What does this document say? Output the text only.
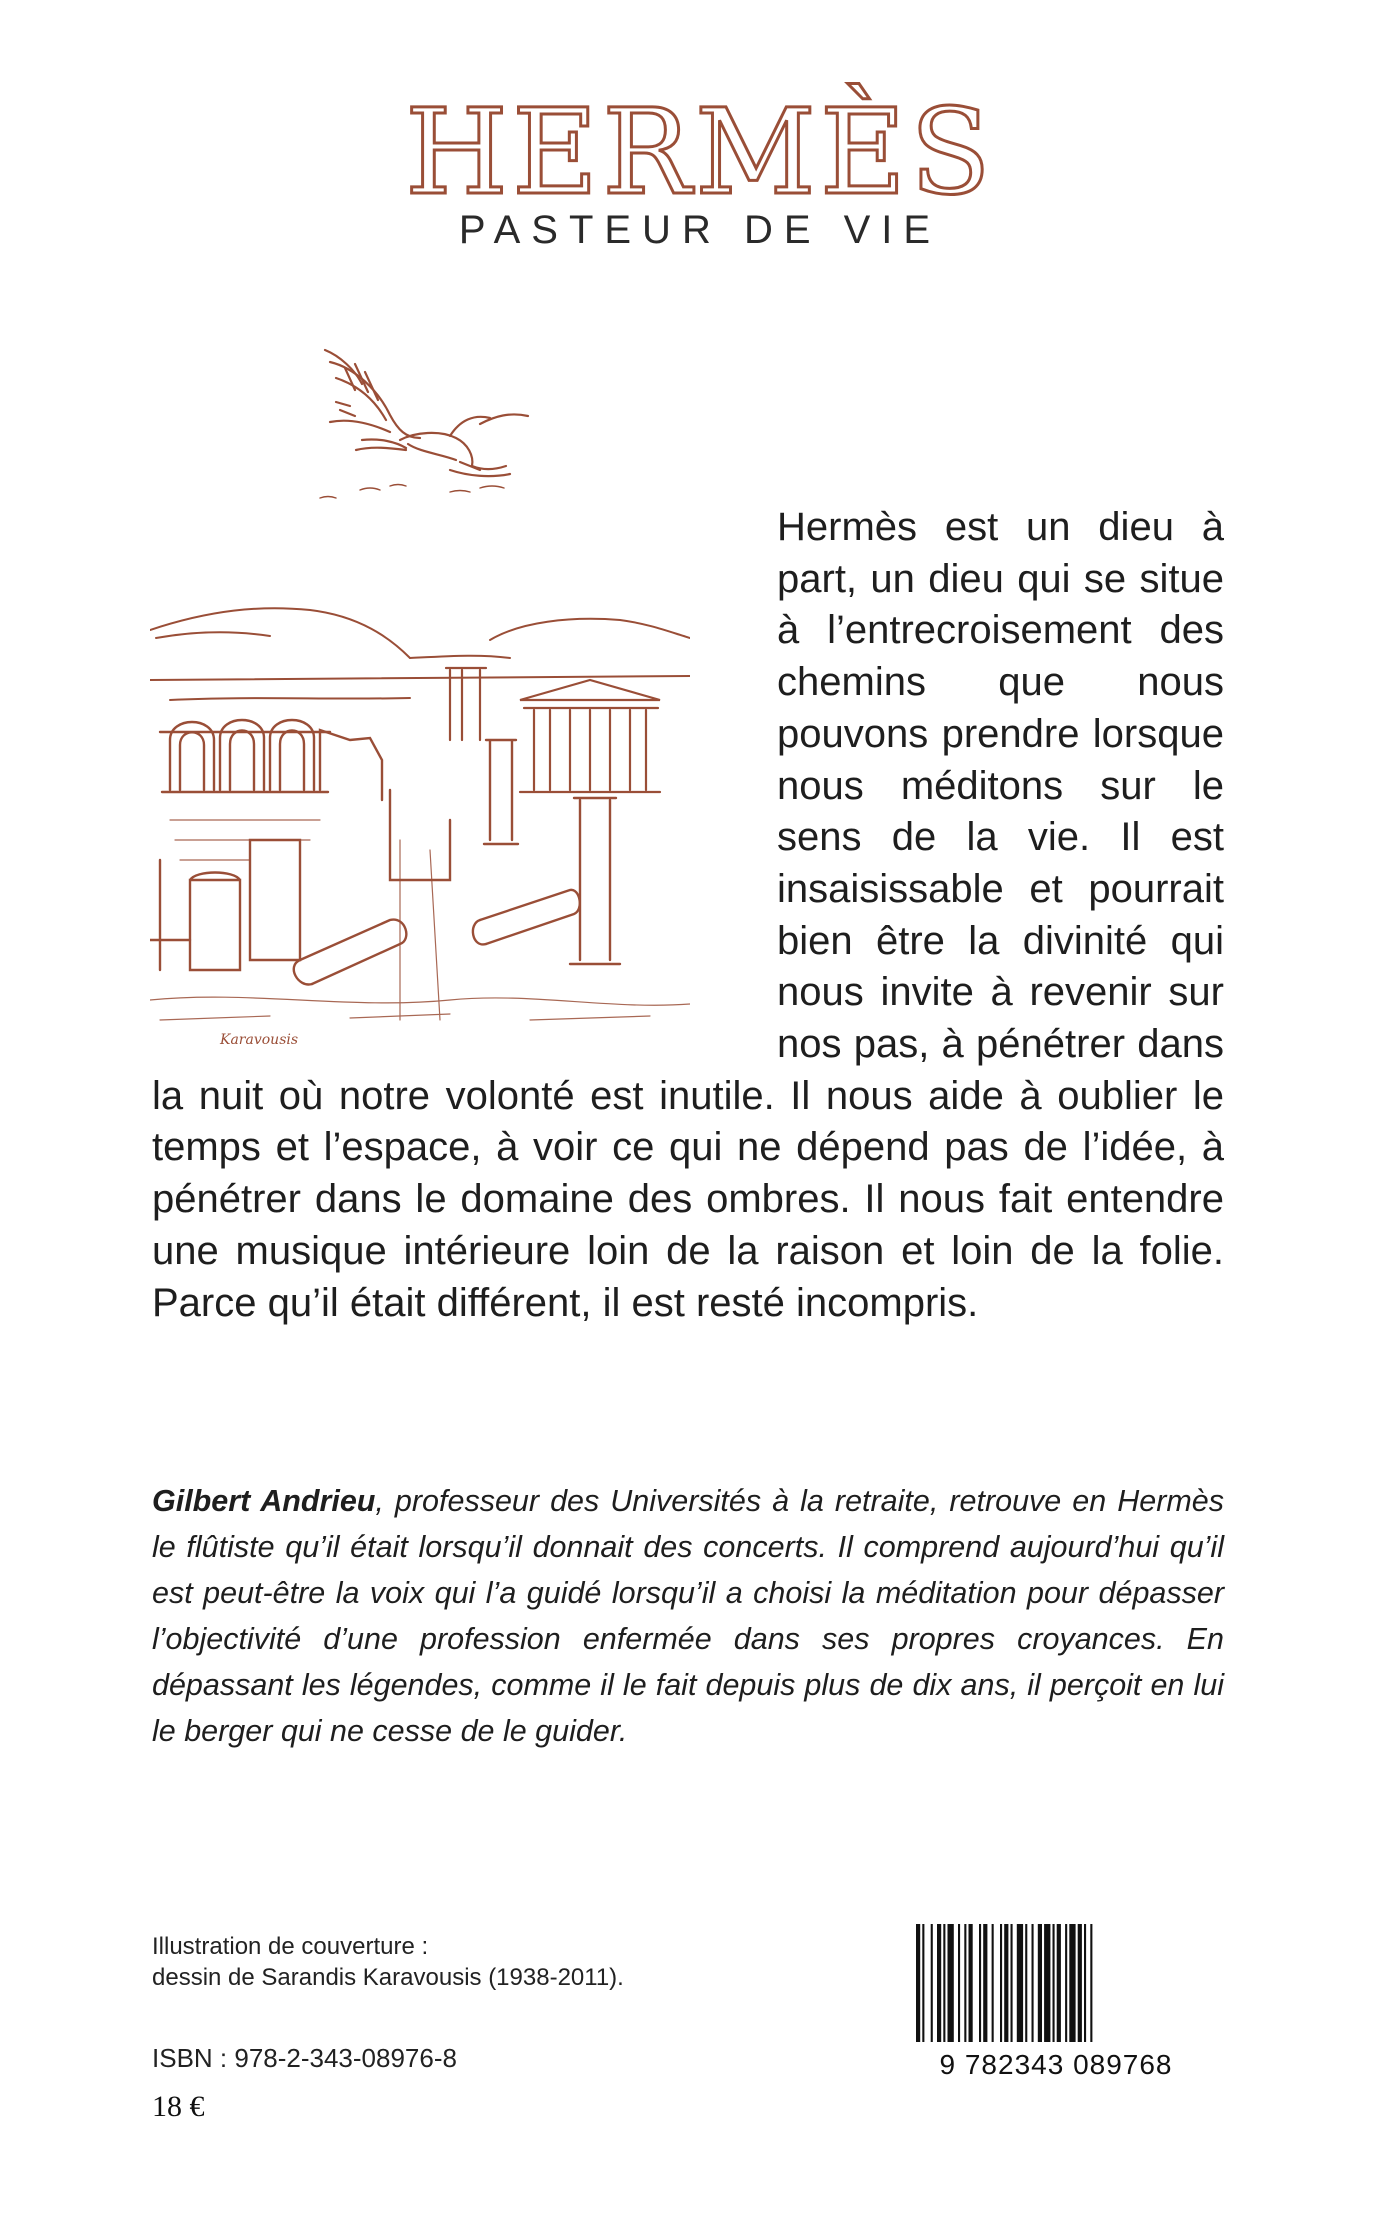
HERMÈS
PASTEUR DE VIE
Karavousis

Hermès est un dieu à part, un dieu qui se situe à l’entrecroisement des chemins que nous pouvons prendre lorsque nous méditons sur le sens de la vie. Il est insaisissable et pourrait bien être la divinité qui nous invite à revenir sur nos pas, à pénétrer dans la nuit où notre volonté est inutile. Il nous aide à oublier le temps et l’espace, à voir ce qui ne dépend pas de l’idée, à pénétrer dans le domaine des ombres. Il nous fait entendre une musique intérieure loin de la raison et loin de la folie. Parce qu’il était différent, il est resté incompris.

Gilbert Andrieu, professeur des Universités à la retraite, retrouve en Hermès le flûtiste qu’il était lorsqu’il donnait des concerts. Il comprend aujourd’hui qu’il est peut-être la voix qui l’a guidé lorsqu’il a choisi la méditation pour dépasser l’objectivité d’une profession enfermée dans ses propres croyances. En dépassant les légendes, comme il le fait depuis plus de dix ans, il perçoit en lui le berger qui ne cesse de le guider.

Illustration de couverture :
dessin de Sarandis Karavousis (1938-2011).
ISBN : 978-2-343-08976-8
18 €
9 782343 089768
